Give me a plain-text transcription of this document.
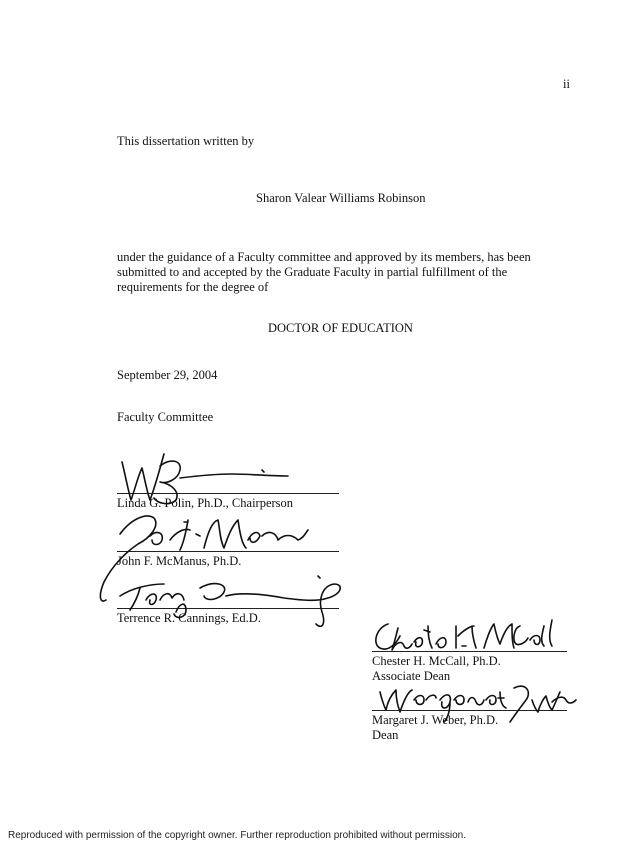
ii
This dissertation written by
Sharon Valear Williams Robinson
under the guidance of a Faculty committee and approved by its members, has been submitted to and accepted by the Graduate Faculty in partial fulfillment of the requirements for the degree of
DOCTOR OF EDUCATION
September 29, 2004
Faculty Committee
Linda G. Polin, Ph.D., Chairperson
John F. McManus, Ph.D.
Terrence R. Cannings, Ed.D.
Chester H. McCall, Ph.D.
Associate Dean
Margaret J. Weber, Ph.D.
Dean
Reproduced with permission of the copyright owner. Further reproduction prohibited without permission.
